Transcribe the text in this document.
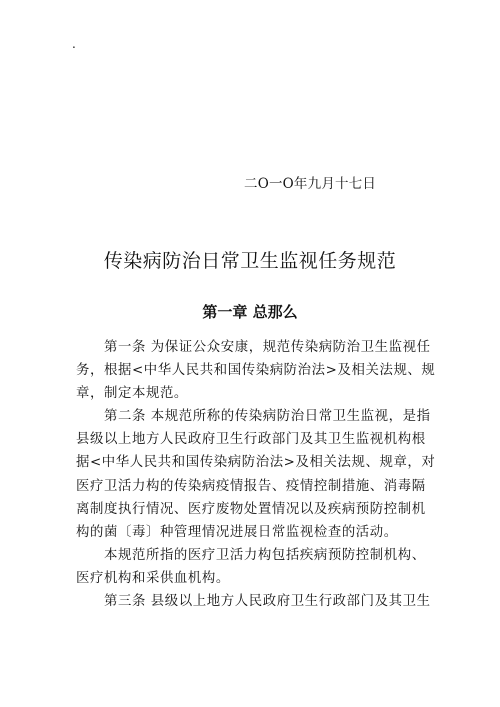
.
二O一O年九月十七日
传染病防治日常卫生监视任务规范
第一章 总那么
　　第一条 为保证公众安康，规范传染病防治卫生监视任
务，根据<中华人民共和国传染病防治法>及相关法规、规
章，制定本规范。
　　第二条 本规范所称的传染病防治日常卫生监视，是指
县级以上地方人民政府卫生行政部门及其卫生监视机构根
据<中华人民共和国传染病防治法>及相关法规、规章，对
医疗卫活力构的传染病疫情报告、疫情控制措施、消毒隔
离制度执行情况、医疗废物处置情况以及疾病预防控制机
构的菌〔毒〕种管理情况进展日常监视检查的活动。
　　本规范所指的医疗卫活力构包括疾病预防控制机构、
医疗机构和采供血机构。
　　第三条 县级以上地方人民政府卫生行政部门及其卫生
